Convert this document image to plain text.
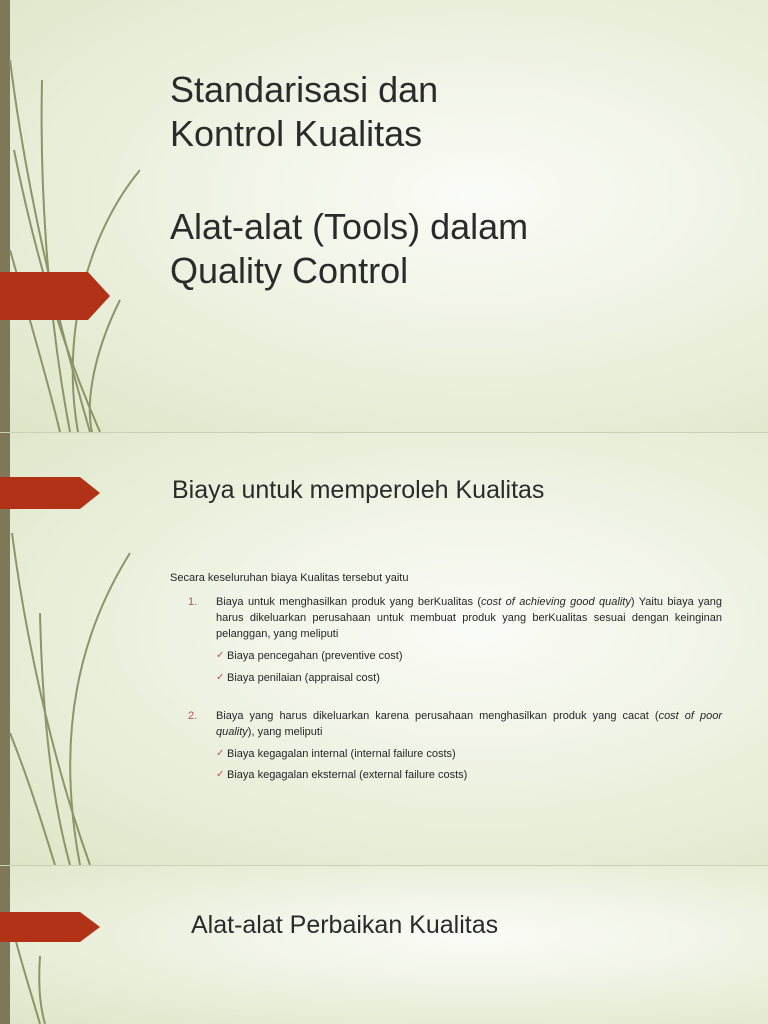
Standarisasi dan
Kontrol Kualitas
Alat-alat (Tools) dalam
Quality Control
Biaya untuk memperoleh Kualitas

Secara keseluruhan biaya Kualitas tersebut yaitu

1. Biaya untuk menghasilkan produk yang berKualitas (cost of achieving good quality) Yaitu biaya yang harus dikeluarkan perusahaan untuk membuat produk yang berKualitas sesuai dengan keinginan pelanggan, yang meliputi
✓ Biaya pencegahan (preventive cost)
✓ Biaya penilaian (appraisal cost)
2. Biaya yang harus dikeluarkan karena perusahaan menghasilkan produk yang cacat (cost of poor quality), yang meliputi
✓ Biaya kegagalan internal (internal failure costs)
✓ Biaya kegagalan eksternal (external failure costs)
Alat-alat Perbaikan Kualitas
